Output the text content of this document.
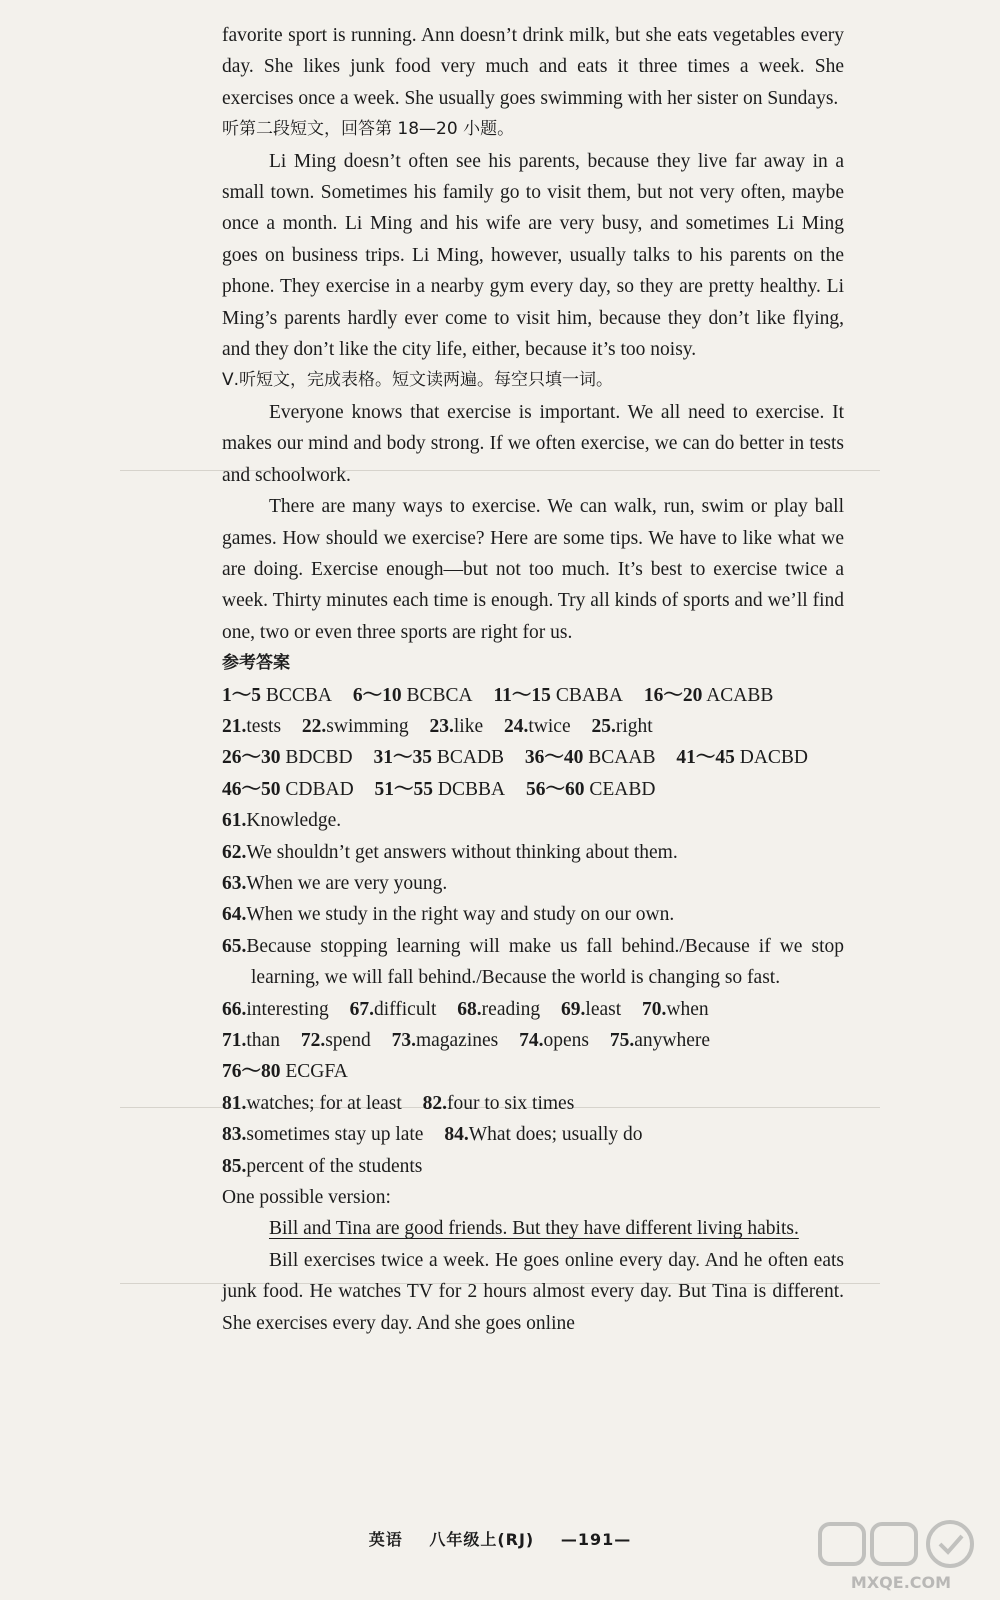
favorite sport is running. Ann doesn’t drink milk, but she eats vegetables every day. She likes junk food very much and eats it three times a week. She exercises once a week. She usually goes swimming with her sister on Sundays.

听第二段短文，回答第 18—20 小题。

Li Ming doesn’t often see his parents, because they live far away in a small town. Sometimes his family go to visit them, but not very often, maybe once a month. Li Ming and his wife are very busy, and sometimes Li Ming goes on business trips. Li Ming, however, usually talks to his parents on the phone. They exercise in a nearby gym every day, so they are pretty healthy. Li Ming’s parents hardly ever come to visit him, because they don’t like flying, and they don’t like the city life, either, because it’s too noisy.

Ⅴ.听短文，完成表格。短文读两遍。每空只填一词。

Everyone knows that exercise is important. We all need to exercise. It makes our mind and body strong. If we often exercise, we can do better in tests and schoolwork.

There are many ways to exercise. We can walk, run, swim or play ball games. How should we exercise? Here are some tips. We have to like what we are doing. Exercise enough—but not too much. It’s best to exercise twice a week. Thirty minutes each time is enough. Try all kinds of sports and we’ll find one, two or even three sports are right for us.

参考答案

1～5 BCCBA 6～10 BCBCA 11～15 CBABA 16～20 ACABB

21.tests 22.swimming 23.like 24.twice 25.right

26～30 BDCBD 31～35 BCADB 36～40 BCAAB 41～45 DACBD

46～50 CDBAD 51～55 DCBBA 56～60 CEABD

61.Knowledge.

62.We shouldn’t get answers without thinking about them.

63.When we are very young.

64.When we study in the right way and study on our own.

65.Because stopping learning will make us fall behind./Because if we stop learning, we will fall behind./Because the world is changing so fast.

66.interesting 67.difficult 68.reading 69.least 70.when

71.than 72.spend 73.magazines 74.opens 75.anywhere

76～80 ECGFA

81.watches; for at least 82.four to six times

83.sometimes stay up late 84.What does; usually do

85.percent of the students

One possible version:

Bill and Tina are good friends. But they have different living habits.

Bill exercises twice a week. He goes online every day. And he often eats junk food. He watches TV for 2 hours almost every day. But Tina is different. She exercises every day. And she goes online

英语 八年级上(RJ) —191—
MXQE.COM
